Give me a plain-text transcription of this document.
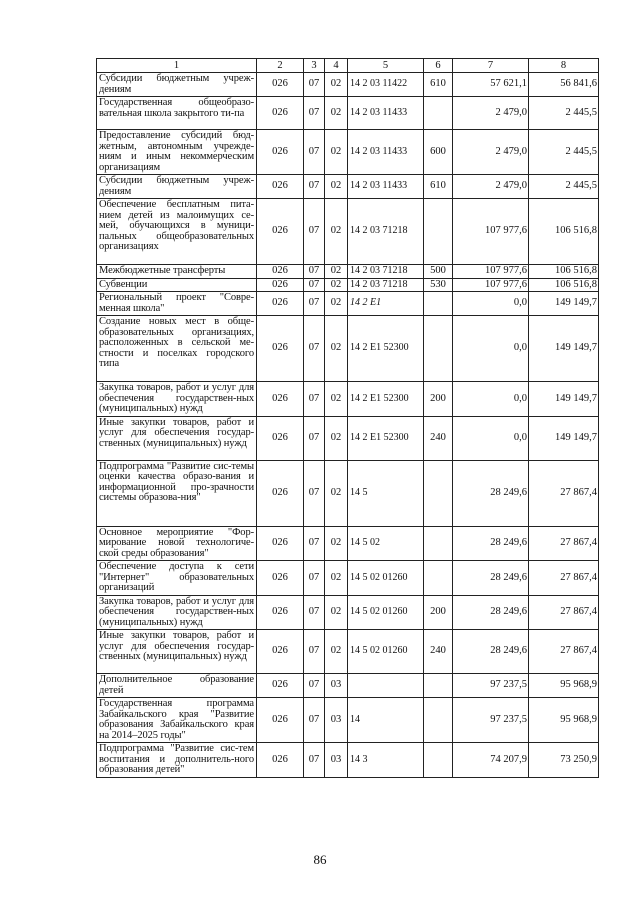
1	2	3	4	5	6	7	8
Субсидии бюджетным учреж-дениям	026	07	02	14 2 03 11422	610	57 621,1	56 841,6
Государственная общеобразо-вательная школа закрытого ти-па	026	07	02	14 2 03 11433		2 479,0	2 445,5
Предоставление субсидий бюд-жетным, автономным учрежде-ниям и иным некоммерческим организациям	026	07	02	14 2 03 11433	600	2 479,0	2 445,5
Субсидии бюджетным учреж-дениям	026	07	02	14 2 03 11433	610	2 479,0	2 445,5
Обеспечение бесплатным пита-нием детей из малоимущих се-мей, обучающихся в муници-пальных общеобразовательных организациях	026	07	02	14 2 03 71218		107 977,6	106 516,8
Межбюджетные трансферты	026	07	02	14 2 03 71218	500	107 977,6	106 516,8
Субвенции	026	07	02	14 2 03 71218	530	107 977,6	106 516,8
Региональный проект "Совре-менная школа"	026	07	02	14 2 E1		0,0	149 149,7
Создание новых мест в обще-образовательных организациях, расположенных в сельской ме-стности и поселках городского типа	026	07	02	14 2 E1 52300		0,0	149 149,7
Закупка товаров, работ и услуг для обеспечения государствен-ных (муниципальных) нужд	026	07	02	14 2 E1 52300	200	0,0	149 149,7
Иные закупки товаров, работ и услуг для обеспечения государ-ственных (муниципальных) нужд	026	07	02	14 2 E1 52300	240	0,0	149 149,7
Подпрограмма "Развитие сис-темы оценки качества образо-вания и информационной про-зрачности системы образова-ния"	026	07	02	14 5		28 249,6	27 867,4
Основное мероприятие "Фор-мирование новой технологиче-ской среды образования"	026	07	02	14 5 02		28 249,6	27 867,4
Обеспечение доступа к сети "Интернет" образовательных организаций	026	07	02	14 5 02 01260		28 249,6	27 867,4
Закупка товаров, работ и услуг для обеспечения государствен-ных (муниципальных) нужд	026	07	02	14 5 02 01260	200	28 249,6	27 867,4
Иные закупки товаров, работ и услуг для обеспечения государ-ственных (муниципальных) нужд	026	07	02	14 5 02 01260	240	28 249,6	27 867,4
Дополнительное образование детей	026	07	03			97 237,5	95 968,9
Государственная программа Забайкальского края "Развитие образования Забайкальского края на 2014–2025 годы"	026	07	03	14		97 237,5	95 968,9
Подпрограмма "Развитие сис-тем воспитания и дополнитель-ного образования детей"	026	07	03	14 3		74 207,9	73 250,9
86
